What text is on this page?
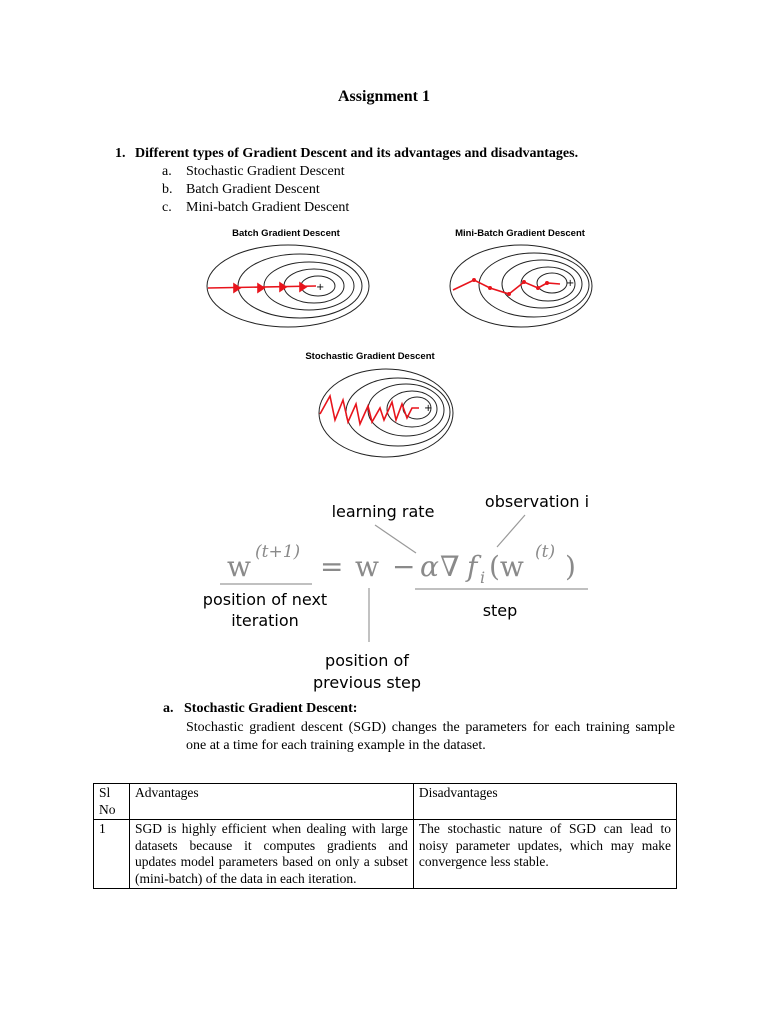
Assignment 1
1. Different types of Gradient Descent and its advantages and disadvantages.
a. Stochastic Gradient Descent
b. Batch Gradient Descent
c. Mini-batch Gradient Descent
Batch Gradient Descent	Mini-Batch Gradient Descent
Stochastic Gradient Descent
+	+
+
learning rate
observation i
w (t+1) = w − α ∇ f i (w (t) )
position of next
iteration
step
position of
previous step
a.   Stochastic Gradient Descent:
Stochastic gradient descent (SGD) changes the parameters for each training sample one at a time for each training example in the dataset.
Sl No	Advantages	Disadvantages
1	SGD is highly efficient when dealing with large datasets because it computes gradients and updates model parameters based on only a subset (mini-batch) of the data in each iteration.	The stochastic nature of SGD can lead to noisy parameter updates, which may make convergence less stable.
